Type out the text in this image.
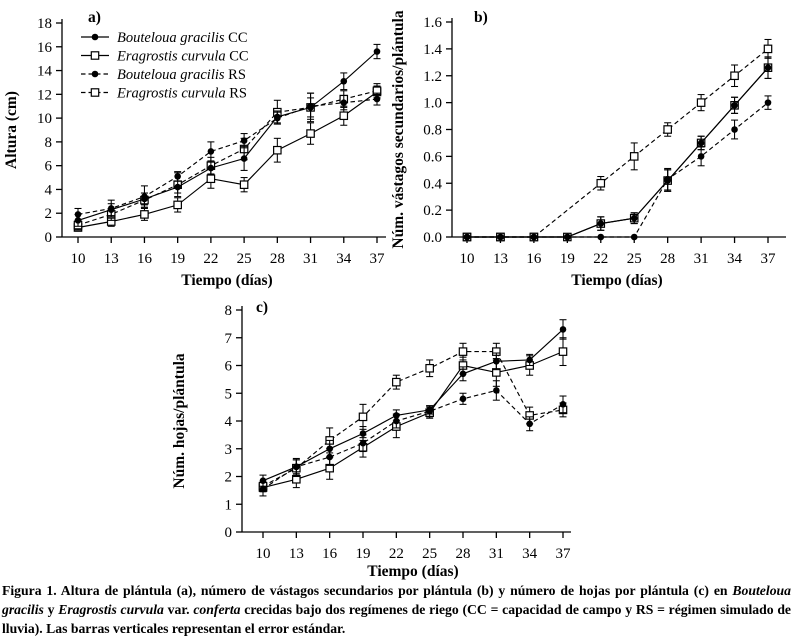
10 13 16 19 22 25 28 31 34 37
0
2
4
6
8
10
12
14
16
18
Tiempo (días)
Altura (cm)
a)
Bouteloua gracilis CC
Eragrostis curvula CC
Bouteloua gracilis RS
Eragrostis curvula RS
10 13 16 19 22 25 28 31 34 37
0.0
0.2
0.4
0.6
0.8
1.0
1.2
1.4
1.6
Tiempo (días)
Núm. vástagos secundarios/plántula	b)
10 13 16 19 22 25 28 31 34 37
0
1
2
3
4
5
6
7
8
Tiempo (días)
Núm. hojas/plántula
c)

Figura 1. Altura de plántula (a), número de vástagos secundarios por plántula (b) y número de hojas por plántula (c) en Bouteloua gracilis y Eragrostis curvula var. conferta crecidas bajo dos regímenes de riego (CC = capacidad de campo y RS = régimen simulado de lluvia). Las barras verticales representan el error estándar.
